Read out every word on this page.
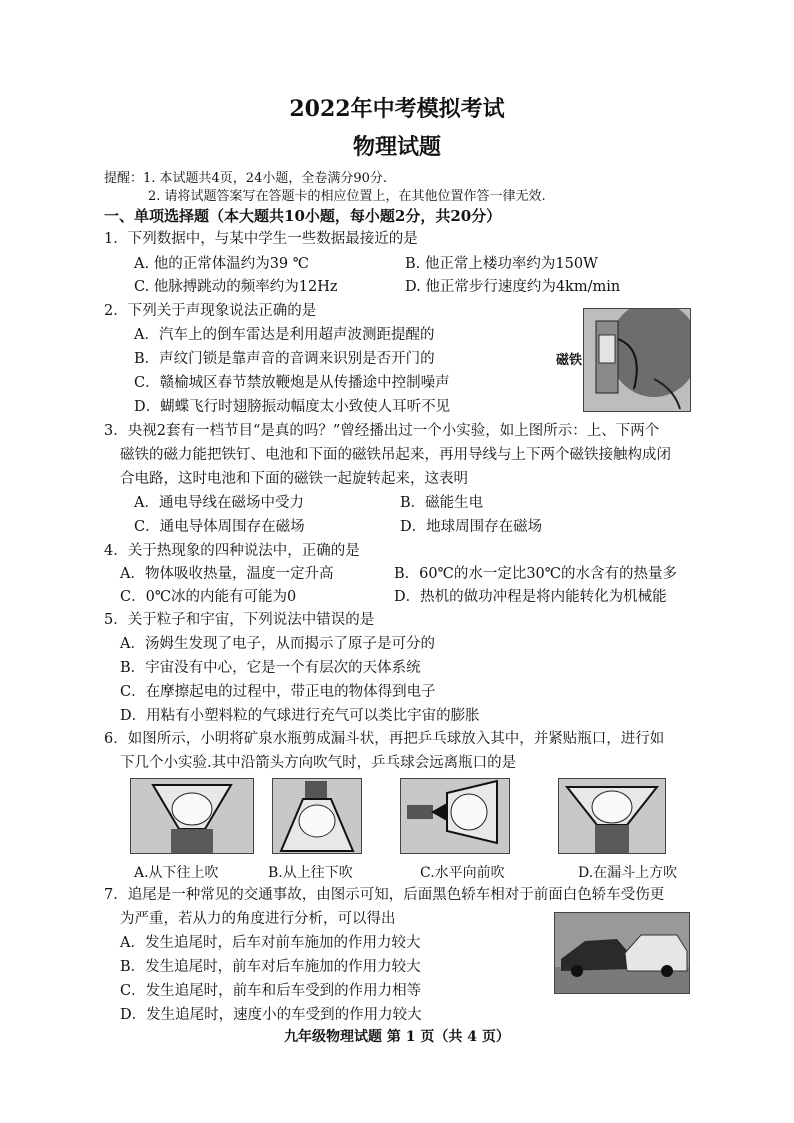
2022年中考模拟考试
物理试题
提醒：1. 本试题共4页，24小题，全卷满分90分.
2. 请将试题答案写在答题卡的相应位置上，在其他位置作答一律无效.
一、单项选择题（本大题共10小题，每小题2分，共20分）
1．下列数据中，与某中学生一些数据最接近的是
A. 他的正常体温约为39 ℃	B. 他正常上楼功率约为150W
C. 他脉搏跳动的频率约为12Hz	D. 他正常步行速度约为4km/min
2．下列关于声现象说法正确的是
A．汽车上的倒车雷达是利用超声波测距提醒的
B．声纹门锁是靠声音的音调来识别是否开门的
C．赣榆城区春节禁放鞭炮是从传播途中控制噪声
D．蝴蝶飞行时翅膀振动幅度太小致使人耳听不见
磁铁
3．央视2套有一档节目“是真的吗？”曾经播出过一个小实验，如上图所示：上、下两个
磁铁的磁力能把铁钉、电池和下面的磁铁吊起来，再用导线与上下两个磁铁接触构成闭
合电路，这时电池和下面的磁铁一起旋转起来，这表明
A．通电导线在磁场中受力	B．磁能生电
C．通电导体周围存在磁场	D．地球周围存在磁场
4．关于热现象的四种说法中，正确的是
A．物体吸收热量，温度一定升高	B．60℃的水一定比30℃的水含有的热量多
C．0℃冰的内能有可能为0	D．热机的做功冲程是将内能转化为机械能
5．关于粒子和宇宙，下列说法中错误的是
A．汤姆生发现了电子，从而揭示了原子是可分的
B．宇宙没有中心，它是一个有层次的天体系统
C．在摩擦起电的过程中，带正电的物体得到电子
D．用粘有小塑料粒的气球进行充气可以类比宇宙的膨胀
6．如图所示，小明将矿泉水瓶剪成漏斗状，再把乒乓球放入其中，并紧贴瓶口，进行如
下几个小实验.其中沿箭头方向吹气时，乒乓球会远离瓶口的是
A.从下往上吹	B.从上往下吹	C.水平向前吹	D.在漏斗上方吹
7．追尾是一种常见的交通事故，由图示可知，后面黑色轿车相对于前面白色轿车受伤更
为严重，若从力的角度进行分析，可以得出
A．发生追尾时，后车对前车施加的作用力较大
B．发生追尾时，前车对后车施加的作用力较大
C．发生追尾时，前车和后车受到的作用力相等
D．发生追尾时，速度小的车受到的作用力较大
九年级物理试题 第 1 页（共 4 页）
